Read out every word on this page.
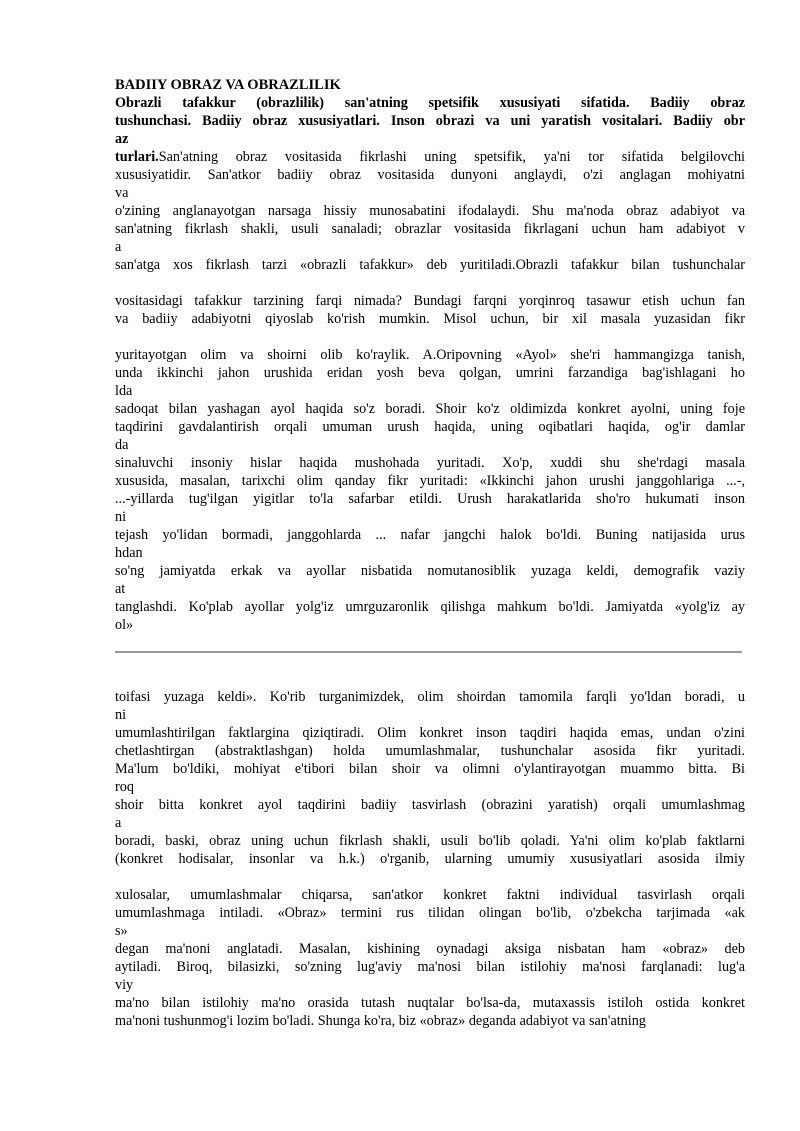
BADIIY OBRAZ VA OBRAZLILIK
Obrazli tafakkur (obrazlilik) san'atning spetsifik xususiyati sifatida. Badiiy obraz
tushunchasi. Badiiy obraz xususiyatlari. Inson obrazi va uni yaratish vositalari. Badiiy obr
az
turlari.San'atning obraz vositasida fikrlashi uning spetsifik, ya'ni tor sifatida belgilovchi
xususiyatidir. San'atkor badiiy obraz vositasida dunyoni anglaydi, o'zi anglagan mohiyatni
va
o'zining anglanayotgan narsaga hissiy munosabatini ifodalaydi. Shu ma'noda obraz adabiyot va
san'atning fikrlash shakli, usuli sanaladi; obrazlar vositasida fikrlagani uchun ham adabiyot v
a
san'atga xos fikrlash tarzi «obrazli tafakkur» deb yuritiladi.Obrazli tafakkur bilan tushunchalar

vositasidagi tafakkur tarzining farqi nimada? Bundagi farqni yorqinroq tasawur etish uchun fan
va badiiy adabiyotni qiyoslab ko'rish mumkin. Misol uchun, bir xil masala yuzasidan fikr

yuritayotgan olim va shoirni olib ko'raylik. A.Oripovning «Ayol» she'ri hammangizga tanish,
unda ikkinchi jahon urushida eridan yosh beva qolgan, umrini farzandiga bag'ishlagani ho
lda
sadoqat bilan yashagan ayol haqida so'z boradi. Shoir ko'z oldimizda konkret ayolni, uning foje
taqdirini gavdalantirish orqali umuman urush haqida, uning oqibatlari haqida, og'ir damlar
da
sinaluvchi insoniy hislar haqida mushohada yuritadi. Xo'p, xuddi shu she'rdagi masala
xususida, masalan, tarixchi olim qanday fikr yuritadi: «Ikkinchi jahon urushi janggohlariga ...-,
...-yillarda tug'ilgan yigitlar to'la safarbar etildi. Urush harakatlarida sho'ro hukumati inson
ni
tejash yo'lidan bormadi, janggohlarda ... nafar jangchi halok bo'ldi. Buning natijasida urus
hdan
so'ng jamiyatda erkak va ayollar nisbatida nomutanosiblik yuzaga keldi, demografik vaziy
at
tanglashdi. Ko'plab ayollar yolg'iz umrguzaronlik qilishga mahkum bo'ldi. Jamiyatda «yolg'iz ay
ol»
toifasi yuzaga keldi». Ko'rib turganimizdek, olim shoirdan tamomila farqli yo'ldan boradi, u
ni
umumlashtirilgan faktlargina qiziqtiradi. Olim konkret inson taqdiri haqida emas, undan o'zini
chetlashtirgan (abstraktlashgan) holda umumlashmalar, tushunchalar asosida fikr yuritadi.
Ma'lum bo'ldiki, mohiyat e'tibori bilan shoir va olimni o'ylantirayotgan muammo bitta. Bi
roq
shoir bitta konkret ayol taqdirini badiiy tasvirlash (obrazini yaratish) orqali umumlashmag
a
boradi, baski, obraz uning uchun fikrlash shakli, usuli bo'lib qoladi. Ya'ni olim ko'plab faktlarni
(konkret hodisalar, insonlar va h.k.) o'rganib, ularning umumiy xususiyatlari asosida ilmiy

xulosalar, umumlashmalar chiqarsa, san'atkor konkret faktni individual tasvirlash orqali
umumlashmaga intiladi. «Obraz» termini rus tilidan olingan bo'lib, o'zbekcha tarjimada «ak
s»
degan ma'noni anglatadi. Masalan, kishining oynadagi aksiga nisbatan ham «obraz» deb
aytiladi. Biroq, bilasizki, so'zning lug'aviy ma'nosi bilan istilohiy ma'nosi farqlanadi: lug'a
viy
ma'no bilan istilohiy ma'no orasida tutash nuqtalar bo'lsa-da, mutaxassis istiloh ostida konkret
ma'noni tushunmog'i lozim bo'ladi. Shunga ko'ra, biz «obraz» deganda adabiyot va san'atning
